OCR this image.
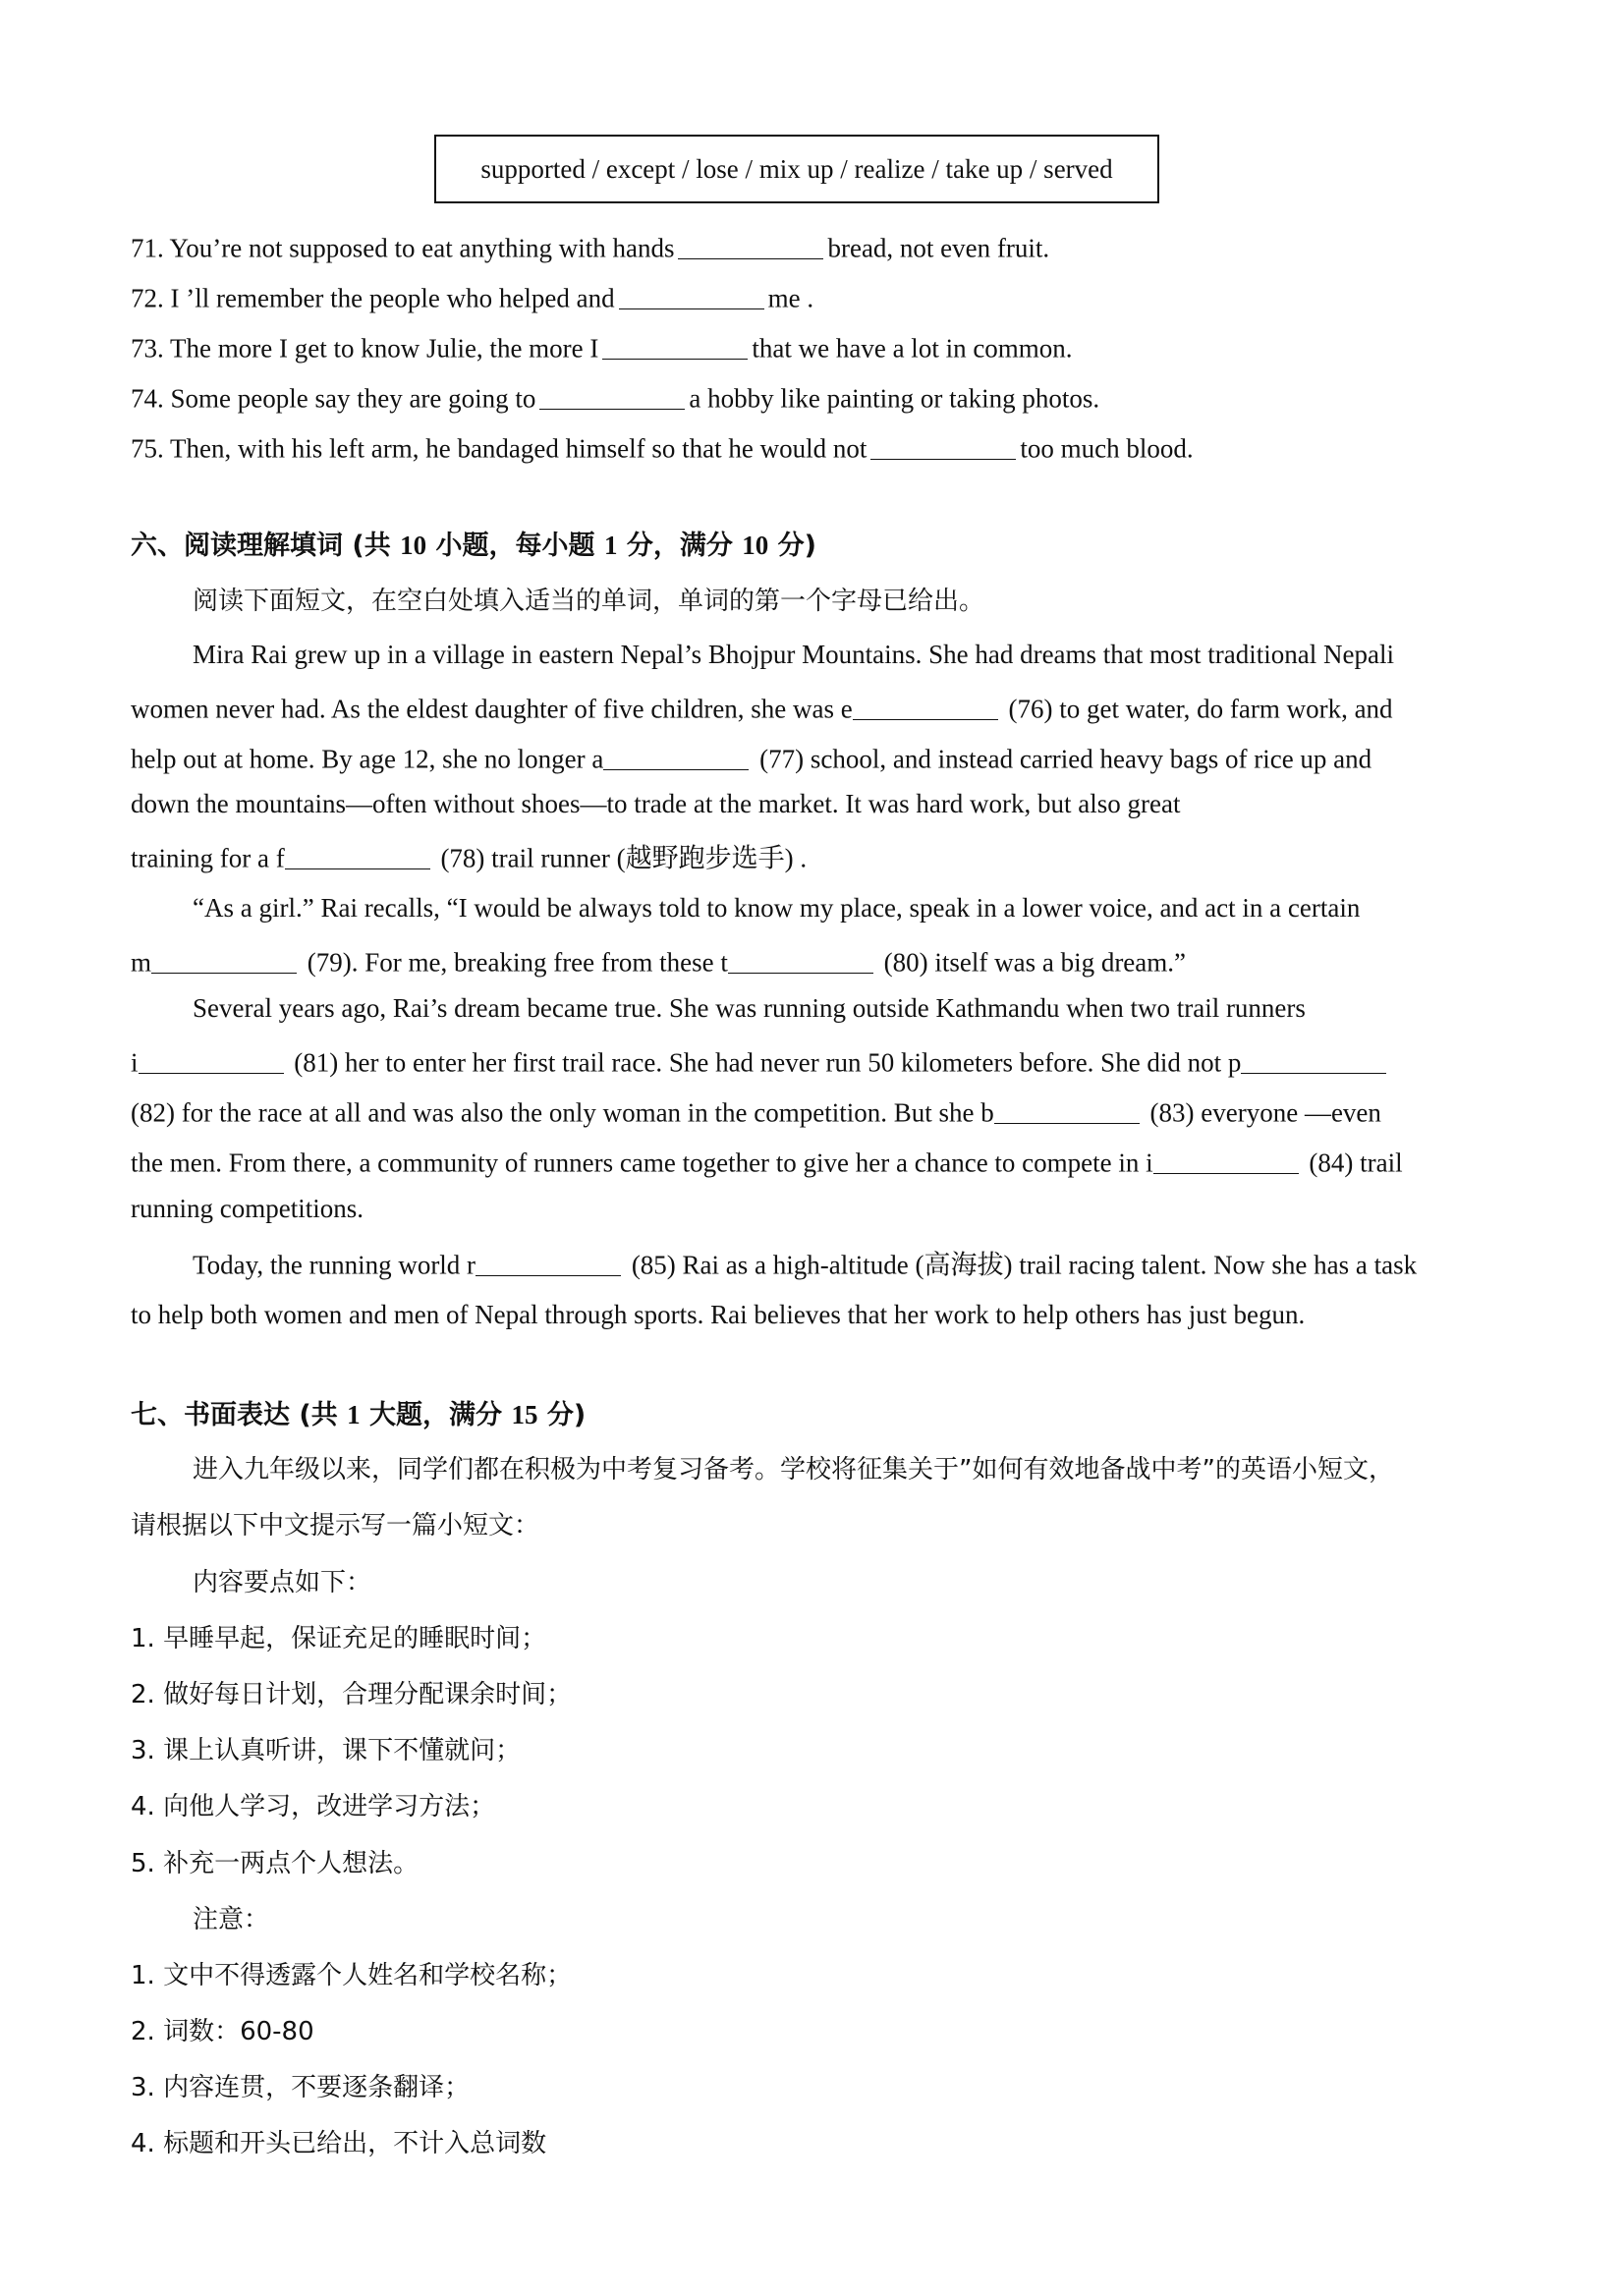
supported / except / lose / mix up / realize / take up / served
71. You’re not supposed to eat anything with hands	bread, not even fruit.
72. I ’ll remember the people who helped and	me .
73. The more I get to know Julie, the more I	that we have a lot in common.
74. Some people say they are going to	a hobby like painting or taking photos.
75. Then, with his left arm, he bandaged himself so that he would not	too much blood.
六、阅读理解填词 (共 10 小题，每小题 1 分，满分 10 分)
阅读下面短文，在空白处填入适当的单词，单词的第一个字母已给出。
Mira Rai grew up in a village in eastern Nepal’s Bhojpur Mountains. She had dreams that most traditional Nepali
women never had. As the eldest daughter of five children, she was e	(76) to get water, do farm work, and
help out at home. By age 12, she no longer a	(77) school, and instead carried heavy bags of rice up and
down the mountains—often without shoes—to trade at the market. It was hard work, but also great
training for a f	(78) trail runner (越野跑步选手) .
“As a girl.” Rai recalls, “I would be always told to know my place, speak in a lower voice, and act in a certain
m	(79). For me, breaking free from these t	(80) itself was a big dream.”
Several years ago, Rai’s dream became true. She was running outside Kathmandu when two trail runners
i	(81) her to enter her first trail race. She had never run 50 kilometers before. She did not p
(82) for the race at all and was also the only woman in the competition. But she b	(83) everyone —even
the men. From there, a community of runners came together to give her a chance to compete in i	(84) trail
running competitions.
Today, the running world r	(85) Rai as a high-altitude (高海拔) trail racing talent. Now she has a task
to help both women and men of Nepal through sports. Rai believes that her work to help others has just begun.
七、书面表达 (共 1 大题，满分 15 分)
进入九年级以来，同学们都在积极为中考复习备考。学校将征集关于”如何有效地备战中考”的英语小短文，
请根据以下中文提示写一篇小短文：
内容要点如下：
1. 早睡早起，保证充足的睡眠时间；
2. 做好每日计划，合理分配课余时间；
3. 课上认真听讲，课下不懂就问；
4. 向他人学习，改进学习方法；
5. 补充一两点个人想法。
注意：
1. 文中不得透露个人姓名和学校名称；
2. 词数：60-80
3. 内容连贯，不要逐条翻译；
4. 标题和开头已给出，不计入总词数
